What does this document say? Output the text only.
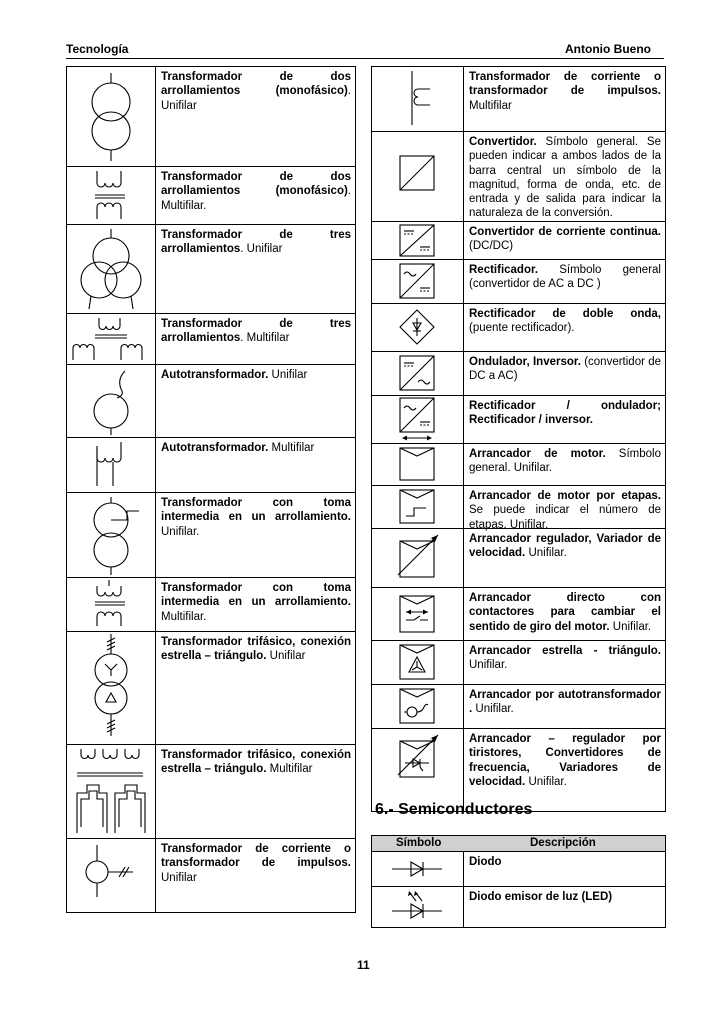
Tecnología	Antonio Bueno
Transformador de dos arrollamientos (monofásico). Unifilar
Transformador de dos arrollamientos (monofásico). Multifilar.
Transformador de tres arrollamientos. Unifilar
Transformador de tres arrollamientos. Multifilar
Autotransformador. Unifilar
Autotransformador. Multifilar
Transformador con toma intermedia en un arrollamiento. Unifilar.
Transformador con toma intermedia en un arrollamiento. Multifilar.
Transformador trifásico, conexión estrella – triángulo. Unifilar
Transformador trifásico, conexión estrella – triángulo. Multifilar
Transformador de corriente o transformador de impulsos. Unifilar
Transformador de corriente o transformador de impulsos. Multifilar
Convertidor. Símbolo general. Se pueden indicar a ambos lados de la barra central un símbolo de la magnitud, forma de onda, etc. de entrada y de salida para indicar la naturaleza de la conversión.
Convertidor de corriente continua. (DC/DC)
Rectificador. Símbolo general (convertidor de AC a DC )
Rectificador de doble onda, (puente rectificador).
Ondulador, Inversor. (convertidor de DC a AC)
Rectificador / ondulador; Rectificador / inversor.
Arrancador de motor. Símbolo general. Unifilar.
Arrancador de motor por etapas. Se puede indicar el número de etapas. Unifilar.
Arrancador regulador, Variador de velocidad. Unifilar.
Arrancador directo con contactores para cambiar el sentido de giro del motor. Unifilar.
Arrancador estrella - triángulo. Unifilar.
Arrancador por autotransformador . Unifilar.
Arrancador – regulador por tiristores, Convertidores de frecuencia, Variadores de velocidad. Unifilar.
6.- Semiconductores
Símbolo	Descripción
Diodo
Diodo emisor de luz (LED)
11
